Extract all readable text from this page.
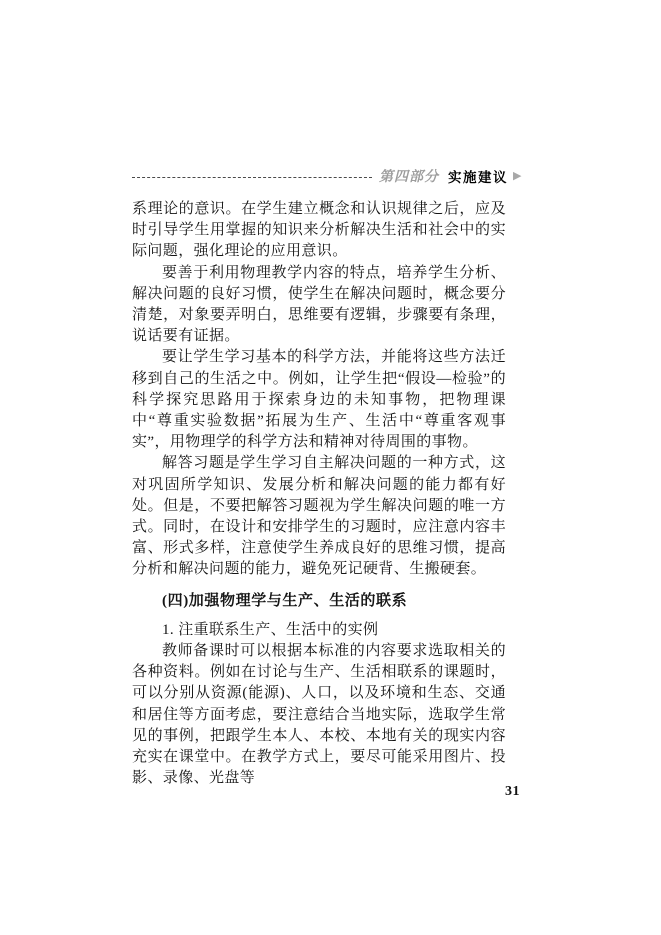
第四部分 实施建议 ▶

系理论的意识。在学生建立概念和认识规律之后，应及时引导学生用掌握的知识来分析解决生活和社会中的实际问题，强化理论的应用意识。

要善于利用物理教学内容的特点，培养学生分析、解决问题的良好习惯，使学生在解决问题时，概念要分清楚，对象要弄明白，思维要有逻辑，步骤要有条理，说话要有证据。

要让学生学习基本的科学方法，并能将这些方法迁移到自己的生活之中。例如，让学生把“假设—检验”的科学探究思路用于探索身边的未知事物，把物理课中“尊重实验数据”拓展为生产、生活中“尊重客观事实”，用物理学的科学方法和精神对待周围的事物。

解答习题是学生学习自主解决问题的一种方式，这对巩固所学知识、发展分析和解决问题的能力都有好处。但是，不要把解答习题视为学生解决问题的唯一方式。同时，在设计和安排学生的习题时，应注意内容丰富、形式多样，注意使学生养成良好的思维习惯，提高分析和解决问题的能力，避免死记硬背、生搬硬套。

(四)加强物理学与生产、生活的联系
1. 注重联系生产、生活中的实例

教师备课时可以根据本标准的内容要求选取相关的各种资料。例如在讨论与生产、生活相联系的课题时，可以分别从资源(能源)、人口，以及环境和生态、交通和居住等方面考虑，要注意结合当地实际，选取学生常见的事例，把跟学生本人、本校、本地有关的现实内容充实在课堂中。在教学方式上，要尽可能采用图片、投影、录像、光盘等

31
